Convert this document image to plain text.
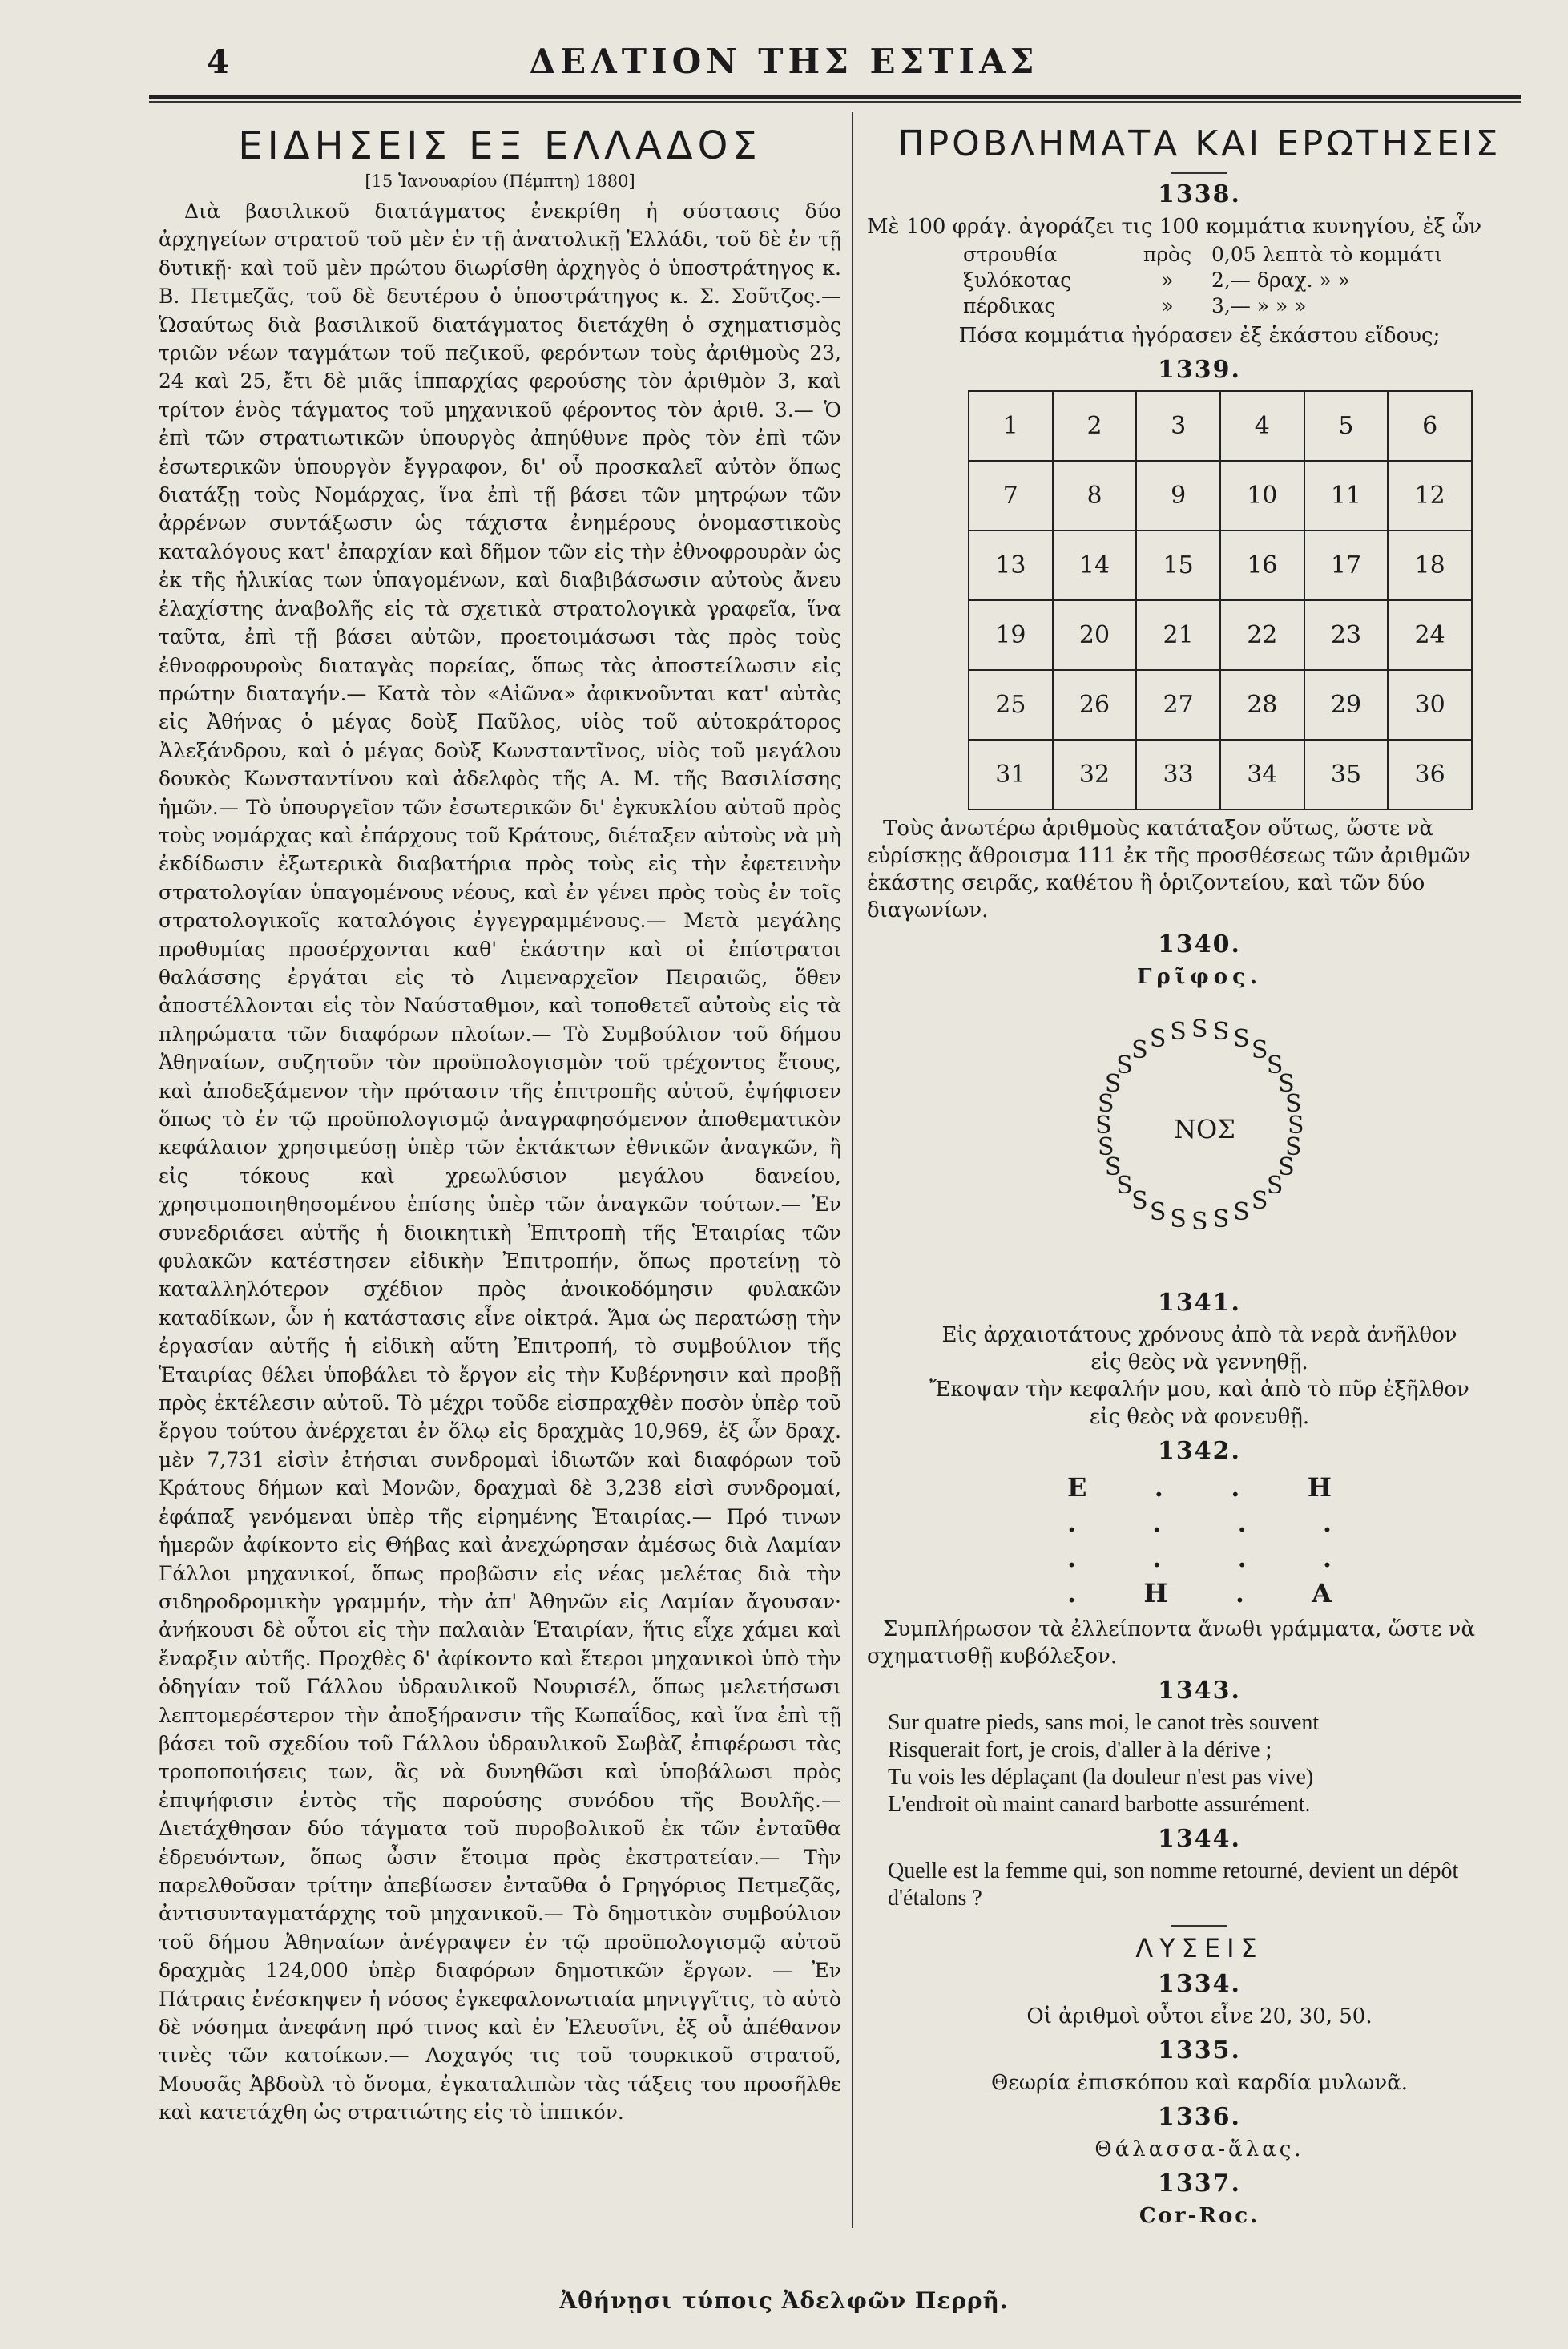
4	ΔΕΛΤΙΟΝ ΤΗΣ ΕΣΤΙΑΣ
ΕΙΔΗΣΕΙΣ ΕΞ ΕΛΛΑΔΟΣ
[15 Ἰανουαρίου (Πέμπτη) 1880]

Διὰ βασιλικοῦ διατάγματος ἐνεκρίθη ἡ σύστασις δύο ἀρχηγείων στρατοῦ τοῦ μὲν ἐν τῇ ἀνατολικῇ Ἑλλάδι, τοῦ δὲ ἐν τῇ δυτικῇ· καὶ τοῦ μὲν πρώτου διωρίσθη ἀρχηγὸς ὁ ὑποστράτηγος κ. Β. Πετμεζᾶς, τοῦ δὲ δευτέρου ὁ ὑποστράτηγος κ. Σ. Σοῦτζος.— Ὡσαύτως διὰ βασιλικοῦ διατάγματος διετάχθη ὁ σχηματισμὸς τριῶν νέων ταγμάτων τοῦ πεζικοῦ, φερόντων τοὺς ἀριθμοὺς 23, 24 καὶ 25, ἔτι δὲ μιᾶς ἱππαρχίας φερούσης τὸν ἀριθμὸν 3, καὶ τρίτον ἑνὸς τάγματος τοῦ μηχανικοῦ φέροντος τὸν ἀριθ. 3.— Ὁ ἐπὶ τῶν στρατιωτικῶν ὑπουργὸς ἀπηύθυνε πρὸς τὸν ἐπὶ τῶν ἐσωτερικῶν ὑπουργὸν ἔγγραφον, δι' οὗ προσκαλεῖ αὐτὸν ὅπως διατάξῃ τοὺς Νομάρχας, ἵνα ἐπὶ τῇ βάσει τῶν μητρῴων τῶν ἀρρένων συντάξωσιν ὡς τάχιστα ἐνημέρους ὀνομαστικοὺς καταλόγους κατ' ἐπαρχίαν καὶ δῆμον τῶν εἰς τὴν ἐθνοφρουρὰν ὡς ἐκ τῆς ἡλικίας των ὑπαγομένων, καὶ διαβιβάσωσιν αὐτοὺς ἄνευ ἐλαχίστης ἀναβολῆς εἰς τὰ σχετικὰ στρατολογικὰ γραφεῖα, ἵνα ταῦτα, ἐπὶ τῇ βάσει αὐτῶν, προετοιμάσωσι τὰς πρὸς τοὺς ἐθνοφρουροὺς διαταγὰς πορείας, ὅπως τὰς ἀποστείλωσιν εἰς πρώτην διαταγήν.— Κατὰ τὸν «Αἰῶνα» ἀφικνοῦνται κατ' αὐτὰς εἰς Ἀθήνας ὁ μέγας δοὺξ Παῦλος, υἱὸς τοῦ αὐτοκράτορος Ἀλεξάνδρου, καὶ ὁ μέγας δοὺξ Κωνσταντῖνος, υἱὸς τοῦ μεγάλου δουκὸς Κωνσταντίνου καὶ ἀδελφὸς τῆς Α. Μ. τῆς Βασιλίσσης ἡμῶν.— Τὸ ὑπουργεῖον τῶν ἐσωτερικῶν δι' ἐγκυκλίου αὐτοῦ πρὸς τοὺς νομάρχας καὶ ἐπάρχους τοῦ Κράτους, διέταξεν αὐτοὺς νὰ μὴ ἐκδίδωσιν ἐξωτερικὰ διαβατήρια πρὸς τοὺς εἰς τὴν ἐφετεινὴν στρατολογίαν ὑπαγομένους νέους, καὶ ἐν γένει πρὸς τοὺς ἐν τοῖς στρατολογικοῖς καταλόγοις ἐγγεγραμμένους.— Μετὰ μεγάλης προθυμίας προσέρχονται καθ' ἑκάστην καὶ οἱ ἐπίστρατοι θαλάσσης ἐργάται εἰς τὸ Λιμεναρχεῖον Πειραιῶς, ὅθεν ἀποστέλλονται εἰς τὸν Ναύσταθμον, καὶ τοποθετεῖ αὐτοὺς εἰς τὰ πληρώματα τῶν διαφόρων πλοίων.— Τὸ Συμβούλιον τοῦ δήμου Ἀθηναίων, συζητοῦν τὸν προϋπολογισμὸν τοῦ τρέχοντος ἔτους, καὶ ἀποδεξάμενον τὴν πρότασιν τῆς ἐπιτροπῆς αὐτοῦ, ἐψήφισεν ὅπως τὸ ἐν τῷ προϋπολογισμῷ ἀναγραφησόμενον ἀποθεματικὸν κεφάλαιον χρησιμεύσῃ ὑπὲρ τῶν ἐκτάκτων ἐθνικῶν ἀναγκῶν, ἢ εἰς τόκους καὶ χρεωλύσιον μεγάλου δανείου, χρησιμοποιηθησομένου ἐπίσης ὑπὲρ τῶν ἀναγκῶν τούτων.— Ἐν συνεδριάσει αὐτῆς ἡ διοικητικὴ Ἐπιτροπὴ τῆς Ἑταιρίας τῶν φυλακῶν κατέστησεν εἰδικὴν Ἐπιτροπήν, ὅπως προτείνῃ τὸ καταλληλότερον σχέδιον πρὸς ἀνοικοδόμησιν φυλακῶν καταδίκων, ὧν ἡ κατάστασις εἶνε οἰκτρά. Ἅμα ὡς περατώσῃ τὴν ἐργασίαν αὐτῆς ἡ εἰδικὴ αὕτη Ἐπιτροπή, τὸ συμβούλιον τῆς Ἑταιρίας θέλει ὑποβάλει τὸ ἔργον εἰς τὴν Κυβέρνησιν καὶ προβῇ πρὸς ἐκτέλεσιν αὐτοῦ. Τὸ μέχρι τοῦδε εἰσπραχθὲν ποσὸν ὑπὲρ τοῦ ἔργου τούτου ἀνέρχεται ἐν ὅλῳ εἰς δραχμὰς 10,969, ἐξ ὧν δραχ. μὲν 7,731 εἰσὶν ἐτήσιαι συνδρομαὶ ἰδιωτῶν καὶ διαφόρων τοῦ Κράτους δήμων καὶ Μονῶν, δραχμαὶ δὲ 3,238 εἰσὶ συνδρομαί, ἐφάπαξ γενόμεναι ὑπὲρ τῆς εἰρημένης Ἑταιρίας.— Πρό τινων ἡμερῶν ἀφίκοντο εἰς Θήβας καὶ ἀνεχώρησαν ἀμέσως διὰ Λαμίαν Γάλλοι μηχανικοί, ὅπως προβῶσιν εἰς νέας μελέτας διὰ τὴν σιδηροδρομικὴν γραμμήν, τὴν ἀπ' Ἀθηνῶν εἰς Λαμίαν ἄγουσαν· ἀνήκουσι δὲ οὗτοι εἰς τὴν παλαιὰν Ἑταιρίαν, ἥτις εἶχε χάμει καὶ ἔναρξιν αὐτῆς. Προχθὲς δ' ἀφίκοντο καὶ ἕτεροι μηχανικοὶ ὑπὸ τὴν ὁδηγίαν τοῦ Γάλλου ὑδραυλικοῦ Νουρισέλ, ὅπως μελετήσωσι λεπτομερέστερον τὴν ἀποξήρανσιν τῆς Κωπαΐδος, καὶ ἵνα ἐπὶ τῇ βάσει τοῦ σχεδίου τοῦ Γάλλου ὑδραυλικοῦ Σωβὰζ ἐπιφέρωσι τὰς τροποποιήσεις των, ἃς νὰ δυνηθῶσι καὶ ὑποβάλωσι πρὸς ἐπιψήφισιν ἐντὸς τῆς παρούσης συνόδου τῆς Βουλῆς.— Διετάχθησαν δύο τάγματα τοῦ πυροβολικοῦ ἐκ τῶν ἐνταῦθα ἑδρευόντων, ὅπως ὦσιν ἕτοιμα πρὸς ἐκστρατείαν.— Τὴν παρελθοῦσαν τρίτην ἀπεβίωσεν ἐνταῦθα ὁ Γρηγόριος Πετμεζᾶς, ἀντισυνταγματάρχης τοῦ μηχανικοῦ.— Τὸ δημοτικὸν συμβούλιον τοῦ δήμου Ἀθηναίων ἀνέγραψεν ἐν τῷ προϋπολογισμῷ αὐτοῦ δραχμὰς 124,000 ὑπὲρ διαφόρων δημοτικῶν ἔργων. — Ἐν Πάτραις ἐνέσκηψεν ἡ νόσος ἐγκεφαλονωτιαία μηνιγγῖτις, τὸ αὐτὸ δὲ νόσημα ἀνεφάνη πρό τινος καὶ ἐν Ἐλευσῖνι, ἐξ οὗ ἀπέθανον τινὲς τῶν κατοίκων.— Λοχαγός τις τοῦ τουρκικοῦ στρατοῦ, Μουσᾶς Ἀβδοὺλ τὸ ὄνομα, ἐγκαταλιπὼν τὰς τάξεις του προσῆλθε καὶ κατετάχθη ὡς στρατιώτης εἰς τὸ ἱππικόν.

ΠΡΟΒΛΗΜΑΤΑ ΚΑΙ ΕΡΩΤΗΣΕΙΣ
1338.

Μὲ 100 φράγ. ἀγοράζει τις 100 κομμάτια κυνηγίου, ἐξ ὧν

στρουθία	πρὸς 0,05 λεπτὰ τὸ κομμάτι
ξυλόκοτας	»	2,— δραχ. » »
πέρδικας	»	3,— » » »

Πόσα κομμάτια ἠγόρασεν ἐξ ἑκάστου εἴδους;

1339.
1	2	3	4	5	6
7	8	9	10	11	12
13	14	15	16	17	18
19	20	21	22	23	24
25	26	27	28	29	30
31	32	33	34	35	36

Τοὺς ἀνωτέρω ἀριθμοὺς κατάταξον οὕτως, ὥστε νὰ εὑρίσκῃς ἄθροισμα 111 ἐκ τῆς προσθέσεως τῶν ἀριθμῶν ἑκάστης σειρᾶς, καθέτου ἢ ὁριζοντείου, καὶ τῶν δύο διαγωνίων.

1340.
Γρῖφος.
ΝΟΣ
S S S S
S
S
S
S
S
S
S
S
S
S
S
S
S
S
S
S
S
S
S
S
S
S S S
1341.

Εἰς ἀρχαιοτάτους χρόνους ἀπὸ τὰ νερὰ ἀνῆλθον

εἰς θεὸς νὰ γεννηθῇ.

Ἔκοψαν τὴν κεφαλήν μου, καὶ ἀπὸ τὸ πῦρ ἐξῆλθον

εἰς θεὸς νὰ φονευθῇ.

1342.
Ε	.	.	Η
.	.	.	.
.	.	.	.
.	Η	.	Α

Συμπλήρωσον τὰ ἐλλείποντα ἄνωθι γράμματα, ὥστε νὰ σχηματισθῇ κυβόλεξον.

1343.

Sur quatre pieds, sans moi, le canot très souvent

Risquerait fort, je crois, d'aller à la dérive ;

Tu vois les déplaçant (la douleur n'est pas vive)

L'endroit où maint canard barbotte assurément.

1344.

Quelle est la femme qui, son nomme retourné, devient un dépôt d'étalons ?

ΛΥΣΕΙΣ
1334.

Οἱ ἀριθμοὶ οὗτοι εἶνε 20, 30, 50.

1335.

Θεωρία ἐπισκόπου καὶ καρδία μυλωνᾶ.

1336.

Θάλασσα-ἅλας.

1337.

Cor-Roc.

Ἀθήνῃσι τύποις Ἀδελφῶν Περρῆ.
